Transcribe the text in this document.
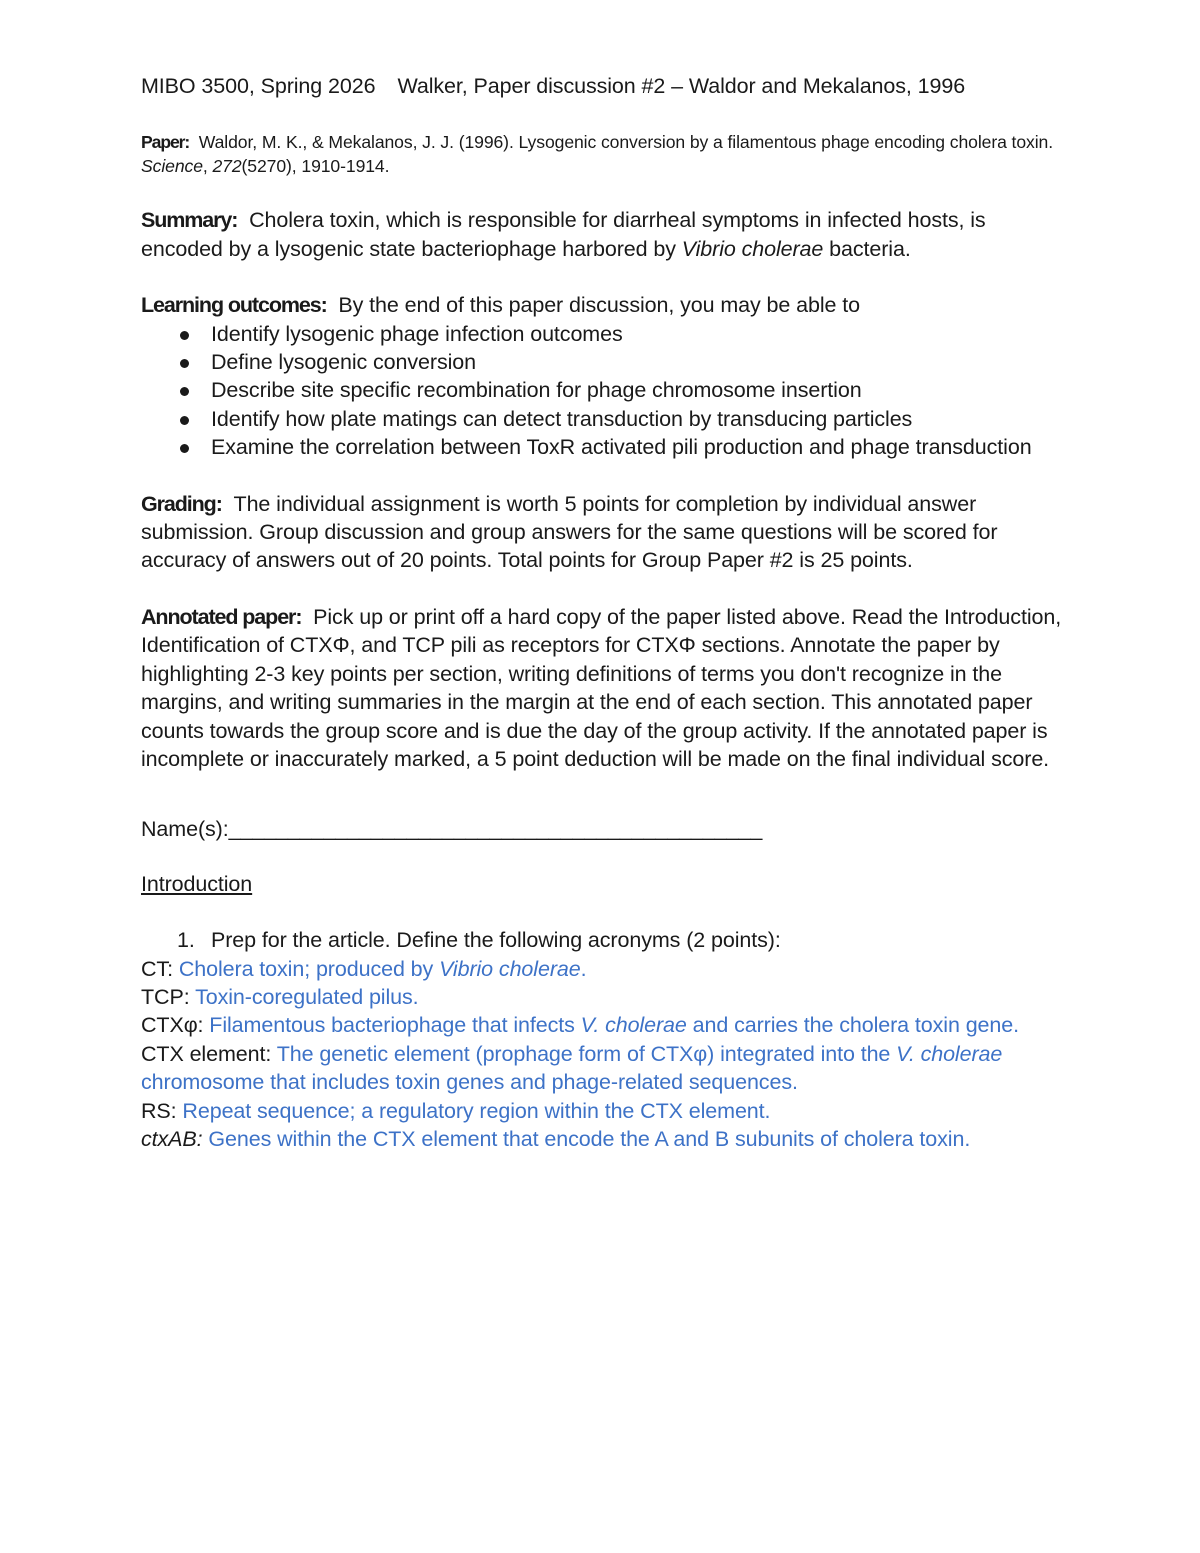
MIBO 3500, Spring 2026 Walker, Paper discussion #2 – Waldor and Mekalanos, 1996
Paper: Waldor, M. K., & Mekalanos, J. J. (1996). Lysogenic conversion by a filamentous phage encoding cholera toxin. Science, 272(5270), 1910-1914.
Summary: Cholera toxin, which is responsible for diarrheal symptoms in infected hosts, is encoded by a lysogenic state bacteriophage harbored by Vibrio cholerae bacteria.
Learning outcomes: By the end of this paper discussion, you may be able to
Identify lysogenic phage infection outcomes
Define lysogenic conversion
Describe site specific recombination for phage chromosome insertion
Identify how plate matings can detect transduction by transducing particles
Examine the correlation between ToxR activated pili production and phage transduction
Grading: The individual assignment is worth 5 points for completion by individual answer submission. Group discussion and group answers for the same questions will be scored for accuracy of answers out of 20 points. Total points for Group Paper #2 is 25 points.
Annotated paper: Pick up or print off a hard copy of the paper listed above. Read the Introduction, Identification of CTXΦ, and TCP pili as receptors for CTXΦ sections. Annotate the paper by highlighting 2-3 key points per section, writing definitions of terms you don't recognize in the margins, and writing summaries in the margin at the end of each section. This annotated paper counts towards the group score and is due the day of the group activity. If the annotated paper is incomplete or inaccurately marked, a 5 point deduction will be made on the final individual score.
Name(s):_____________________________________________
Introduction
1. Prep for the article. Define the following acronyms (2 points):
CT: Cholera toxin; produced by Vibrio cholerae.
TCP: Toxin-coregulated pilus.
CTXφ: Filamentous bacteriophage that infects V. cholerae and carries the cholera toxin gene.
CTX element: The genetic element (prophage form of CTXφ) integrated into the V. cholerae chromosome that includes toxin genes and phage-related sequences.
RS: Repeat sequence; a regulatory region within the CTX element.
ctxAB: Genes within the CTX element that encode the A and B subunits of cholera toxin.
